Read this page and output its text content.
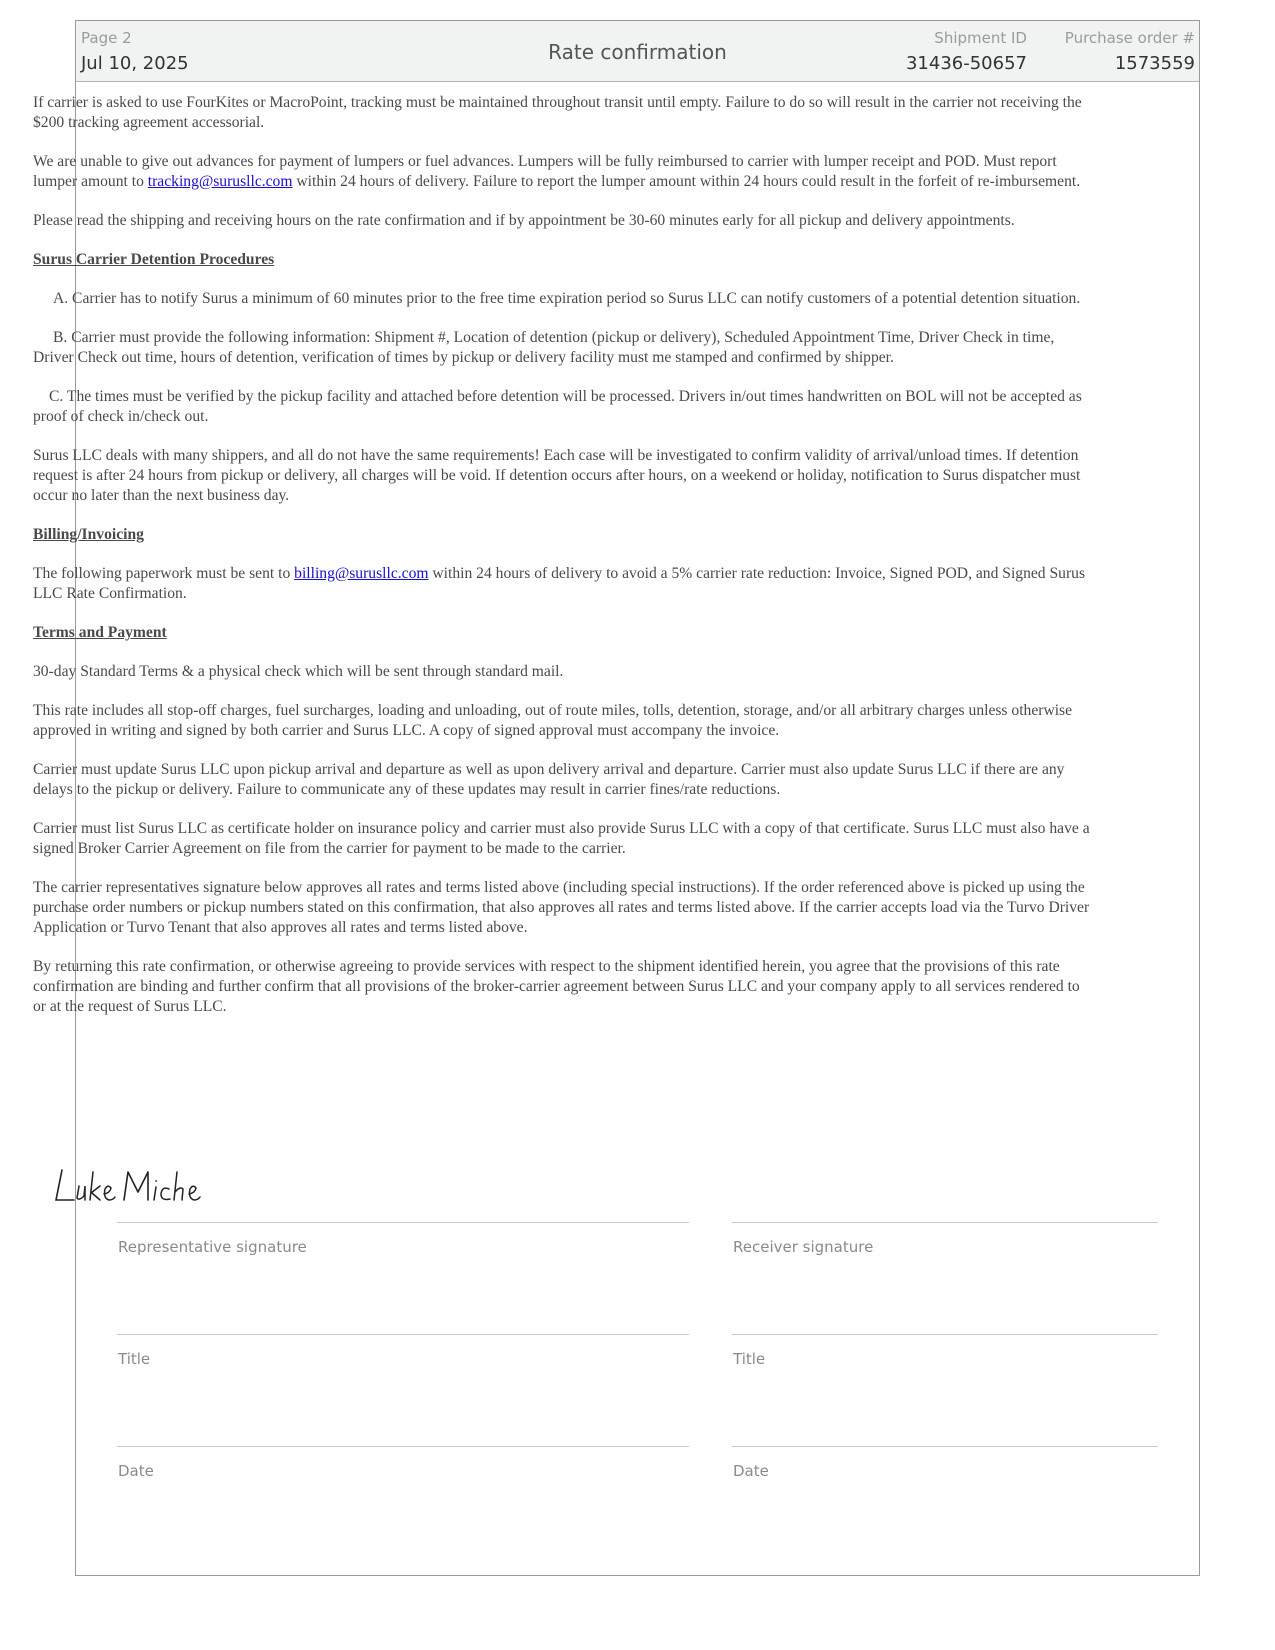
Page 2
Jul 10, 2025	Rate confirmation
Shipment ID
31436-50657
Purchase order #
1573559

If carrier is asked to use FourKites or MacroPoint, tracking must be maintained throughout transit until empty. Failure to do so will result in the carrier not receiving the $200 tracking agreement accessorial.

We are unable to give out advances for payment of lumpers or fuel advances. Lumpers will be fully reimbursed to carrier with lumper receipt and POD. Must report lumper amount to tracking@surusllc.com within 24 hours of delivery. Failure to report the lumper amount within 24 hours could result in the forfeit of re-imbursement.

Please read the shipping and receiving hours on the rate confirmation and if by appointment be 30-60 minutes early for all pickup and delivery appointments.

Surus Carrier Detention Procedures

A. Carrier has to notify Surus a minimum of 60 minutes prior to the free time expiration period so Surus LLC can notify customers of a potential detention situation.

B. Carrier must provide the following information: Shipment #, Location of detention (pickup or delivery), Scheduled Appointment Time, Driver Check in time, Driver Check out time, hours of detention, verification of times by pickup or delivery facility must me stamped and confirmed by shipper.

C. The times must be verified by the pickup facility and attached before detention will be processed. Drivers in/out times handwritten on BOL will not be accepted as proof of check in/check out.

Surus LLC deals with many shippers, and all do not have the same requirements! Each case will be investigated to confirm validity of arrival/unload times. If detention request is after 24 hours from pickup or delivery, all charges will be void. If detention occurs after hours, on a weekend or holiday, notification to Surus dispatcher must occur no later than the next business day.

Billing/Invoicing

The following paperwork must be sent to billing@surusllc.com within 24 hours of delivery to avoid a 5% carrier rate reduction: Invoice, Signed POD, and Signed Surus LLC Rate Confirmation.

Terms and Payment

30-day Standard Terms & a physical check which will be sent through standard mail.

This rate includes all stop-off charges, fuel surcharges, loading and unloading, out of route miles, tolls, detention, storage, and/or all arbitrary charges unless otherwise approved in writing and signed by both carrier and Surus LLC. A copy of signed approval must accompany the invoice.

Carrier must update Surus LLC upon pickup arrival and departure as well as upon delivery arrival and departure. Carrier must also update Surus LLC if there are any delays to the pickup or delivery. Failure to communicate any of these updates may result in carrier fines/rate reductions.

Carrier must list Surus LLC as certificate holder on insurance policy and carrier must also provide Surus LLC with a copy of that certificate. Surus LLC must also have a signed Broker Carrier Agreement on file from the carrier for payment to be made to the carrier.

The carrier representatives signature below approves all rates and terms listed above (including special instructions). If the order referenced above is picked up using the purchase order numbers or pickup numbers stated on this confirmation, that also approves all rates and terms listed above. If the carrier accepts load via the Turvo Driver Application or Turvo Tenant that also approves all rates and terms listed above.

By returning this rate confirmation, or otherwise agreeing to provide services with respect to the shipment identified herein, you agree that the provisions of this rate confirmation are binding and further confirm that all provisions of the broker-carrier agreement between Surus LLC and your company apply to all services rendered to or at the request of Surus LLC.

Representative signature	Receiver signature
Title	Title
Date	Date
